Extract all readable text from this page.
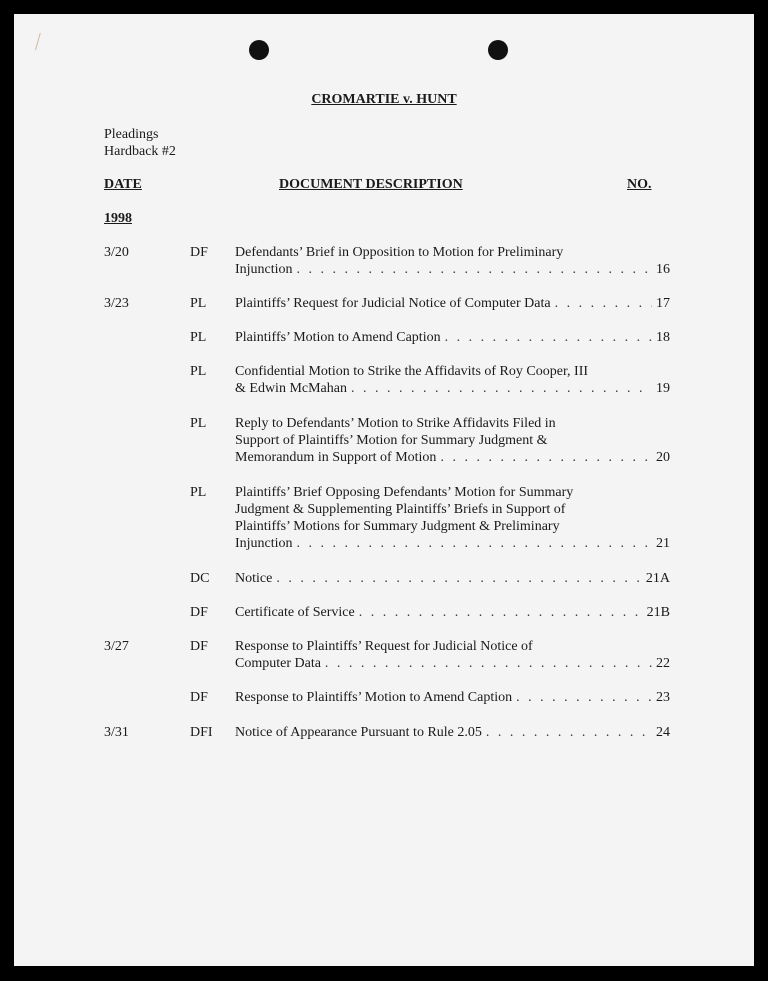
⁄
CROMARTIE v. HUNT
Pleadings
Hardback #2
DATE	DOCUMENT DESCRIPTION	NO.
1998
3/20	DF Defendants’ Brief in Opposition to Motion for Preliminary
Injunction . . .	16
3/23	PL Plaintiffs’ Request for Judicial Notice of Computer Data . . .	17
PL Plaintiffs’ Motion to Amend Caption . . .	18
PL Confidential Motion to Strike the Affidavits of Roy Cooper, III
& Edwin McMahan . . .	19
PL Reply to Defendants’ Motion to Strike Affidavits Filed in
Support of Plaintiffs’ Motion for Summary Judgment &
Memorandum in Support of Motion . . .	20
PL Plaintiffs’ Brief Opposing Defendants’ Motion for Summary
Judgment & Supplementing Plaintiffs’ Briefs in Support of
Plaintiffs’ Motions for Summary Judgment & Preliminary
Injunction . . .	21
DC Notice . . .	21A
DF Certificate of Service . . .	21B
3/27	DF Response to Plaintiffs’ Request for Judicial Notice of
Computer Data . . .	22
DF Response to Plaintiffs’ Motion to Amend Caption . . .	23
3/31	DFI Notice of Appearance Pursuant to Rule 2.05 . . .	24
